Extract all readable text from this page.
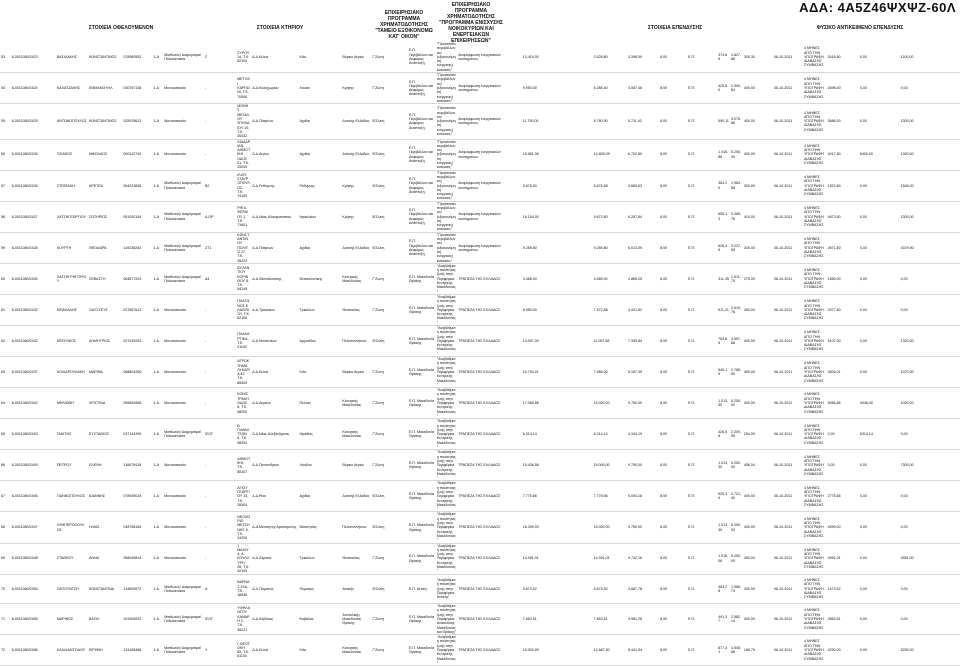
ΣΤΟΙΧΕΙΑ ΟΦΕΛΟΥΜΕΝΟΝ	ΣΤΟΙΧΕΙΑ ΚΤΗΡΙΟΥ
ΕΠΙΧΕΙΡΗΣΙΑΚΟ ΠΡΟΓΡΑΜΜΑ ΧΡΗΜΑΤΟΔΟΤΗΣΗΣ "ΤΑΜΕΙΟ ΕΞΟΙΚΟΝΟΜΩ ΚΑΤ' ΟΙΚΟΝ"
ΕΠΙΧΕΙΡΗΣΙΑΚΟ ΠΡΟΓΡΑΜΜΑ ΧΡΗΜΑΤΟΔΟΤΗΣΗΣ "ΠΡΟΓΡΑΜΜΑ ΕΝΙΣΧΥΣΗΣ ΝΟΙΚΟΚΥΡΙΩΝ ΚΑΙ ΕΝΕΡΓΕΙΑΚΩΝ ΕΠΙΧΕΙΡΗΣΕΩΝ"
ΣΤΟΙΧΕΙΑ ΕΠΕΝΔΥΣΗΣ	ΦΥΣΙΚΟ ΑΝΤΙΚΕΙΜΕΝΟ ΕΠΕΝΔΥΣΗΣ
ΑΔΑ: 4Α5Ζ46ΨΧΨΖ-60Λ
53	6-0011080/2423	ΒΑΣΙΛΑΚΗΣ	ΚΩΝΣΤΑΝΤΙΝΟΣ	078960553	1-Α	Μισθωτός/ Διαμέρισμα/ Πολυκατοικία	2	ΣΥΡΟΥ 14, Τ.Κ. 62100	Δ.Δ.Κιλκίς	Κιλκ	Βόρειο Αιγαίο	Γ'Ζώνη	Ε.Π. Περιβάλλον και Αειφόρος Ανάπτυξη	"Προστασία περιβάλλοντος (εξοικονόμηση ενέργειας) κατοικίες"	Αναμόρφωση ενεργειακών συστημάτων	13.419,00	3.526,80	3.398,59	8,00	Ε.Π.	374,88	1.827,88	300,30	06-10-2011	4 ΜΗΝΕΣ ΑΠΟ ΤΗΝ ΥΠΟΓΡΑΦΗ ΔΙΑΒΑΣΗΣ ΣΥΜΒΑΣΗΣ	3416,80	0,00	1100,00
54	6-0011080/2424	ΚΑΛΑΤΖΑΚΗΣ	ΕΜΜΑΝΟΥΗΛ	030767136	1-Α	Μονοκατοικία	-	ΜΕΤΟΧΙ ΚΑΡΠΩΝΙ, Τ.Κ. 70006	Δ.Δ.Καλοχωρίου	Λουκιν	Κρήτης	Γ'Ζώνη	Ε.Π. Περιβάλλον και Αειφόρος Ανάπτυξη	"Προστασία περιβάλλοντος (εξοικονόμηση ενέργειας) κατοικίες"	Αναμόρφωση ενεργειακών συστημάτων	9.950,00	6.285,40	4.087,46	8,00	Ε.Π.	425,80	2.300,84	400,00	06-10-2011	4 ΜΗΝΕΣ ΑΠΟ ΤΗΝ ΥΠΟΓΡΑΦΗ ΔΙΑΒΑΣΗΣ ΣΥΜΒΑΣΗΣ	2698,40	0,00	0,00
55	6-0011080/2425	ΑΝΤΩΝΟΠΟΥΛΟΣ	ΚΩΝΣΤΑΝΤΙΝΟΣ	025978613	1-Α	Μονοκατοικία	-	ΜΟΝΗΣ ΜΕΓΑΛΟΥ ΣΠΗΛΑΙΟΥ 10, Τ.Κ. 26332	Δ.Δ.Πάτρέων	Αχαΐας	Δυτικής Ελλάδας	Β'Ζώνη	Ε.Π. Περιβάλλον και Αειφόρος Ανάπτυξη	"Προστασία περιβάλλοντος (εξοικονόμηση ενέργειας) κατοικίες"	Αναμόρφωση ενεργειακών συστημάτων	11.750,00	8.780,90	5.711,42	8,00	Ε.Π.	590,11	3.075,88	400,00	06-10-2011	4 ΜΗΝΕΣ ΑΠΟ ΤΗΝ ΥΠΟΓΡΑΦΗ ΔΙΑΒΑΣΗΣ ΣΥΜΒΑΣΗΣ	3686,00	0,00	1300,00
56	6-0011080/2426	ΤΖΙΑΦΟΣ	ΝΙΚΟΛΑΟΣ	000112743	1-Α	Μονοκατοικία	-	ΧΑΙΔΑΡΙΑΝ ΔΗΜΟΤΙΚΗ ΟΔΟΣ 01, Τ.Κ. 25200	Δ.Δ.Αιγίου	Αχαΐας	Δυτικής Ελλάδας	Β'Ζώνη	Ε.Π. Περιβάλλον και Αειφόρος Ανάπτυξη	"Προστασία περιβάλλοντος (εξοικονόμηση ενέργειας) κατοικίες"	Αναμόρφωση ενεργειακών συστημάτων	15.981,96	10.805,09	6.702,80	8,00	Ε.Π.	1.015,86	5.250,00	400,00	06-10-2011	4 ΜΗΝΕΣ ΑΠΟ ΤΗΝ ΥΠΟΓΡΑΦΗ ΔΙΑΒΑΣΗΣ ΣΥΜΒΑΣΗΣ	4017,80	6400,00	1300,00
57	6-0011080/2426	ΣΤΡΑΤΑΚΗ	ΑΡΕΤΕΑ	064313836	1-Α	Μισθωτός/ Διαμέρισμα/ Πολυκατοικία	Β2	ΙΛΙΟΥ ΣΤΑΥΡΟΠΟΥΛΟΣ, Τ.Κ. 74100	Δ.Δ.Ρεθύμνης	Ρεθύμνης	Κρήτης	Β'Ζώνη	Ε.Π. Περιβάλλον και Αειφόρος Ανάπτυξη	"Προστασία περιβάλλοντος (εξοικονόμηση ενέργειας) κατοικίες"	Αναμόρφωση ενεργειακών συστημάτων	5.679,50	5.675,58	3.689,63	8,00	Ε.Π.	384,20	1.984,88	300,00	06-10-2011	4 ΜΗΝΕΣ ΑΠΟ ΤΗΝ ΥΠΟΓΡΑΦΗ ΔΙΑΒΑΣΗΣ ΣΥΜΒΑΣΗΣ	1522,80	0,00	1546,00
58	6-0011080/2427	ΧΑΤΖΗΓΕΩΡΓΙΟΥ	ΣΩΤΗΡΙΟΣ	051092164	1-Α	Μισθωτός/ Διαμέρισμα/ Πολυκατοικία	Α ΟΡ	ΡΗΓΑ ΦΕΡΑΙΟΥ 1, Τ.Κ. 71601	Δ.Δ.Νέας Αλικαρνασσού	Ηρακλείου	Κρήτης	Β'Ζώνη	Ε.Π. Περιβάλλον και Αειφόρος Ανάπτυξη	"Προστασία περιβάλλοντος (εξοικονόμηση ενέργειας) κατοικίες"	Αναμόρφωση ενεργειακών συστημάτων	16.154,00	9.672,80	6.287,84	8,00	Ε.Π.	655,13	3.385,78	410,00	06-10-2011	4 ΜΗΝΕΣ ΑΠΟ ΤΗΝ ΥΠΟΓΡΑΦΗ ΔΙΑΒΑΣΗΣ ΣΥΜΒΑΣΗΣ	4673,60	0,00	1300,00
59	6-0011080/2428	ΚΟΥΡΤΗ	ΘΕΟΔΩΡΑ	119236283	1-Α	Μισθωτός/ Διαμέρισμα/ Πολυκατοικία	ΣΤ1	ΚΩΝΣΤΑΝΤΙΝΟΥ ΠΟΛΙΤΟ 27, Τ.Κ. 26223	Δ.Δ.Πάτρέων	Αχαΐας	Δυτικής Ελλάδας	Β'Ζώνη	Ε.Π. Περιβάλλον και Αειφόρος Ανάπτυξη	"Προστασία περιβάλλοντος (εξοικονόμηση ενέργειας) κατοικίες"	Αναμόρφωση ενεργειακών συστημάτων	9.259,80	9.255,80	6.013,59	8,00	Ε.Π.	626,46	3.237,50	340,00	06-10-2011	4 ΜΗΝΕΣ ΑΠΟ ΤΗΝ ΥΠΟΓΡΑΦΗ ΔΙΑΒΑΣΗΣ ΣΥΜΒΑΣΗΣ	2671,60	0,00	4379,90
60	6-0011080/2430	ΧΑΤΖΗΓΡΗΓΟΡΙΟΥ	ΣΕΒΑΣΤΗ	064877203	1-Α	Μισθωτός/ Διαμέρισμα/ Πολυκατοικία	Δ4	ΒΥΖΑΝΤΙΟΥ ΚΟΡΙΝΘΟΥ 8, Τ.Κ. 54249	Δ.Δ.Θεσσαλονίκης	Θεσσαλονίκης	Κεντρικής Μακεδονίας	Γ'Ζώνη	Ε.Π. Μακεδονία Θράκης	"Αναβάθμιση ποιότητας ζωής στην Περιφέρεια Κεντρικής Μακεδονίας"	ΤΡΑΠΕΖΑ ΤΗΣ ΕΛΛΑΔΟΣ	4.465,00	4.465,00	2.865,25	8,00	Ε.Π.	311,35	1.611,75	275,00	06-10-2011	4 ΜΗΝΕΣ ΑΠΟ ΤΗΝ ΥΠΟΓΡΑΦΗ ΔΙΑΒΑΣΗΣ ΣΥΜΒΑΣΗΣ	1655,00	0,00	0,00
61	6-0011080/2432	ΜΠΑΚΑΛΗΣ	ΟΔΥΣΣΕΥΣ	027667613	1-Α	Μονοκατοικία	-	ΠΛΑΤΩΝΟΣ Ε ΛΑΣΙΘΙΟΥ, Τ.Κ. 62100	Δ.Δ.Τρικκαίων	Τρικάλων	Θεσσαλίας	Γ'Ζώνη	Ε.Π. Μακεδονία Θράκης	"Αναβάθμιση ποιότητας ζωής στην Περιφέρεια Κεντρικής Μακεδονίας"	ΤΡΑΠΕΖΑ ΤΗΣ ΕΛΛΑΔΟΣ	8.950,00	7.572,88	4.921,82	8,00	Ε.Π.	511,21	2.619,76	400,00	06-10-2011	4 ΜΗΝΕΣ ΑΠΟ ΤΗΝ ΥΠΟΓΡΑΦΗ ΔΙΑΒΑΣΗΣ ΣΥΜΒΑΣΗΣ	3377,80	0,00	0,00
62	6-0011080/2432	ΜΠΟΥΝΙΟΣ	ΔΗΜΗΤΡΙΟΣ	027439263	1-Α	Μονοκατοικία	-	ΠΛΑΚΑΡΤΙΚΑ, Τ.Κ. 21100	Δ.Δ.Ναυπλιέων	Αργολίδας	Πελοποννήσου	Β'Ζώνη	Ε.Π. Μακεδονία Θράκης	"Αναβάθμιση ποιότητας ζωής στην Περιφέρεια Κεντρικής Μακεδονίας"	ΤΡΑΠΕΖΑ ΤΗΣ ΕΛΛΑΔΟΣ	14.097,00	11.057,58	7.399,84	8,00	Ε.Π.	763,85	3.957,88	400,00	06-10-2011	4 ΜΗΝΕΣ ΑΠΟ ΤΗΝ ΥΠΟΓΡΑΦΗ ΔΙΑΒΑΣΗΣ ΣΥΜΒΑΣΗΣ	5107,00	0,00	1300,00
63	6-0011080/2437	ΚΟΛΙΔΡΟΥΛΑΚΗ	ΜΑΡΙΝΑ	068824260	1-Α	Μονοκατοικία	-	ΑΓΡΟΚΤΗΜΑ ΛΥΚΑΡΙΑ 42, Τ.Κ. 85400	Δ.Δ.Κιλκίς	Κιλκ	Βόρειο Αιγαίο	Γ'Ζώνη	Ε.Π. Μακεδονία Θράκης	"Αναβάθμιση ποιότητας ζωής στην Περιφέρεια Κεντρικής Μακεδονίας"	ΤΡΑΠΕΖΑ ΤΗΣ ΕΛΛΑΔΟΣ	10.794,01	7.966,00	5.187,49	8,00	Ε.Π.	540,19	2.788,60	400,00	06-10-2011	4 ΜΗΝΕΣ ΑΠΟ ΤΗΝ ΥΠΟΓΡΑΦΗ ΔΙΑΒΑΣΗΣ ΣΥΜΒΑΣΗΣ	3826,01	0,00	1070,00
64	6-0011080/2442	ΜΗΛΙΩΝΗ	ΧΡΙΣΤΙΝΑ	055694586	1-Α	Μονοκατοικία	-	ΚΟΝΙΣΤΡΑΚΗ ΟΔΟΣ 5, Τ.Κ. 58200	Δ.Δ.Αιγαίου	Πέλλας	Κεντρικής Μακεδονίας	Γ'Ζώνη	Ε.Π. Μακεδονία Θράκης	"Αναβάθμιση ποιότητας ζωής στην Περιφέρεια Κεντρικής Μακεδονίας"	ΤΡΑΠΕΖΑ ΤΗΣ ΕΛΛΑΔΟΣ	17.066,86	15.000,00	9.750,00	8,00	Ε.Π.	1.013,30	5.250,00	400,00	06-10-2011	4 ΜΗΝΕΣ ΑΠΟ ΤΗΝ ΥΠΟΓΡΑΦΗ ΔΙΑΒΑΣΗΣ ΣΥΜΒΑΣΗΣ	5066,86	9446,40	1000,00
65	6-0011080/2443	ΓΑΚΙΤΗΣ	ΕΥΣΤΑΘΙΟΣ	037144399	1-Α	Μισθωτός/ Διαμέρισμα/ Πολυκατοικία	ΙΣΟΓ	Β. ΓΙΑΝΝΙΤΣΩΝ 6, Τ.Κ. 58300	Δ.Δ.Νέας Αλεξάνδρειας	Ημαθίας	Κεντρικής Μακεδονίας	Γ'Ζώνη	Ε.Π. Μακεδονία Θράκης	"Αναβάθμιση ποιότητας ζωής στην Περιφέρεια Κεντρικής Μακεδονίας"	ΤΡΑΠΕΖΑ ΤΗΣ ΕΛΛΑΔΟΣ	6.314,14	6.314,14	4.104,19	8,00	Ε.Π.	426,56	2.209,95	294,00	06-10-2011	4 ΜΗΝΕΣ ΑΠΟ ΤΗΝ ΥΠΟΓΡΑΦΗ ΔΙΑΒΑΣΗΣ ΣΥΜΒΑΣΗΣ	0,00	6314,14	0,00
66	6-0011080/2445	ΠΕΤΡΟΥ	ΕΛΕΝΗ	116679418	1-Α	Μονοκατοικία	-	ΔΗΜΟΤΙΚΗ, Τ.Κ. 85107	Δ.Δ.Πεντανδρίου	Λέσβου	Βόρειο Αιγαίο	Γ'Ζώνη	Ε.Π. Μακεδονία Θράκης	"Αναβάθμιση ποιότητας ζωής στην Περιφέρεια Κεντρικής Μακεδονίας"	ΤΡΑΠΕΖΑ ΤΗΣ ΕΛΛΑΔΟΣ	15.436,56	15.000,00	9.750,00	8,00	Ε.Π.	1.013,30	5.250,00	456,04	06-10-2011	4 ΜΗΝΕΣ ΑΠΟ ΤΗΝ ΥΠΟΓΡΑΦΗ ΔΙΑΒΑΣΗΣ ΣΥΜΒΑΣΗΣ	0,00	0,00	7300,00
67	6-0011080/2446	ΓΙΑΝΝΟΠΟΥΛΟΣ	ΙΩΑΝΝΗΣ	078935024	1-Α	Μονοκατοικία	-	ΑΓΙΟΥ ΓΕΩΡΓΙΟΥ 15, Τ.Κ. 26504	Δ.Δ.Ρίου	Αχαΐας	Δυτικής Ελλάδας	Β'Ζώνη	Ε.Π. Μακεδονία Θράκης	"Αναβάθμιση ποιότητας ζωής στην Περιφέρεια Κεντρικής Μακεδονίας"	ΤΡΑΠΕΖΑ ΤΗΣ ΕΛΛΑΔΟΣ	7.775,66	7.775,66	5.054,18	8,00	Ε.Π.	525,34	2.721,40	400,00	06-10-2011	4 ΜΗΝΕΣ ΑΠΟ ΤΗΝ ΥΠΟΓΡΑΦΗ ΔΙΑΒΑΣΗΣ ΣΥΜΒΑΣΗΣ	2775,66	0,00	0,00
68	6-0011080/2447	ΛΥΜΠΕΡΟΠΟΥΛΟΣ	ΗΛΙΑΣ	048756184	1-Α	Μονοκατοικία	-	ΝΕΟΧΩΡΙΟ ΜΕΣΣΗΝΗΣ 5, Τ.Κ. 24200	Δ.Δ.Μεσσήνης Αριστομένης	Μεσσηνίας	Πελοποννήσου	Β'Ζώνη	Ε.Π. Μακεδονία Θράκης	"Αναβάθμιση ποιότητας ζωής στην Περιφέρεια Κεντρικής Μακεδονίας"	ΤΡΑΠΕΖΑ ΤΗΣ ΕΛΛΑΔΟΣ	16.399,00	15.000,00	9.750,00	8,00	Ε.Π.	1.013,30	5.250,00	400,00	06-10-2011	4 ΜΗΝΕΣ ΑΠΟ ΤΗΝ ΥΠΟΓΡΑΦΗ ΔΙΑΒΑΣΗΣ ΣΥΜΒΑΣΗΣ	4599,00	0,00	0,00
69	6-0011080/2448	ΣΤΑΘΚΟΥ	ΑΝΝΑ	058049814	1-Α	Μονοκατοικία	-	1 ΜΑΙΟΥ 4, Α ΚΟΥΛΟΥΡΗ 28, Τ.Κ. 42100	Δ.Δ.Ζάρανα	Τρικάλων	Θεσσαλίας	Γ'Ζώνη	Ε.Π. Μακεδονία Θράκης	"Αναβάθμιση ποιότητας ζωής στην Περιφέρεια Κεντρικής Μακεδονίας"	ΤΡΑΠΕΖΑ ΤΗΣ ΕΛΛΑΔΟΣ	14.991,01	14.991,01	9.742,16	8,00	Ε.Π.	1.016,06	5.250,00	400,00	06-10-2011	4 ΜΗΝΕΣ ΑΠΟ ΤΗΝ ΥΠΟΓΡΑΦΗ ΔΙΑΒΑΣΗΣ ΣΥΜΒΑΣΗΣ	4991,01	0,00	4551,00
70	6-0011080/2454	ΣΑΠΟΥΝΤΖΗ	ΚΩΝΣΤΑΝΤΙΝΑ	114609672	1-Α	Μισθωτός/ Διαμέρισμα/ Πολυκατοικία	Α	ΒΑΡΝΑΣ 2ΧΑ, Τ.Κ. 18546	Δ.Δ.Πειραιώς	Πειραιώς	Αττικής	Β'Ζώνη	Ε.Π. Αττική	"Αναβάθμιση ποιότητας ζωής στην Περιφέρεια Αττικής"	ΤΡΑΠΕΖΑ ΤΗΣ ΕΛΛΑΔΟΣ	5.673,52	5.673,52	3.687,78	8,00	Ε.Π.	383,28	1.985,73	300,00	06-10-2011	4 ΜΗΝΕΣ ΑΠΟ ΤΗΝ ΥΠΟΓΡΑΦΗ ΔΙΑΒΑΣΗΣ ΣΥΜΒΑΣΗΣ	1473,52	0,00	0,00
71	6-0011080/2455	ΜΑΡΙΝΟΣ	ΒΑΣΙΛ	101505532	1-Α	Μισθωτός/ Διαμέρισμα/ Πολυκατοικία	ΙΣΟΓ	ΥΨΗΛΑΝΤΟΥ ΚΑΝΑΡΗ 2, Τ.Κ. 38221	Δ.Δ.Καβάλας	Καβάλας	Ανατολικής Μακεδονίας Θράκης	Γ'Ζώνη	Ε.Π. Μακεδονία Θράκης	"Αναβάθμιση ποιότητας ζωής στην Περιφέρεια Ανατολικής Μακεδονίας και Θράκης"	ΤΡΑΠΕΖΑ ΤΗΣ ΕΛΛΑΔΟΣ	7.663,51	7.663,51	4.981,28	8,00	Ε.Π.	491,37	2.582,14	400,00	06-10-2011	4 ΜΗΝΕΣ ΑΠΟ ΤΗΝ ΥΠΟΓΡΑΦΗ ΔΙΑΒΑΣΗΣ ΣΥΜΒΑΣΗΣ	2863,51	0,00	0,00
72	6-0011080/2458	ΚΑΛΛΙΑΝΤΖΙΔΟΥ	ΕΙΡΗΝΗ	134188466	1-Α	Μισθωτός/ Διαμέρισμα/ Πολυκατοικία	Υ	Γ.ΘΕΟΤΟΚΗ 65, Τ.Κ. 61100	Δ.Δ.Κιλκίς	Κιλκ	Κεντρικής Μακεδονίας	Γ'Ζώνη	Ε.Π. Μακεδονία Θράκης	"Αναβάθμιση ποιότητας ζωής στην Περιφέρεια Κεντρικής Μακεδονίας"	ΤΡΑΠΕΖΑ ΤΗΣ ΕΛΛΑΔΟΣ	15.000,00	12.887,50	8.441,94	8,00	Ε.Π.	877,41	4.545,88	168,79	06-10-2011	4 ΜΗΝΕΣ ΑΠΟ ΤΗΝ ΥΠΟΓΡΑΦΗ ΔΙΑΒΑΣΗΣ ΣΥΜΒΑΣΗΣ	4250,00	0,00	6250,00
